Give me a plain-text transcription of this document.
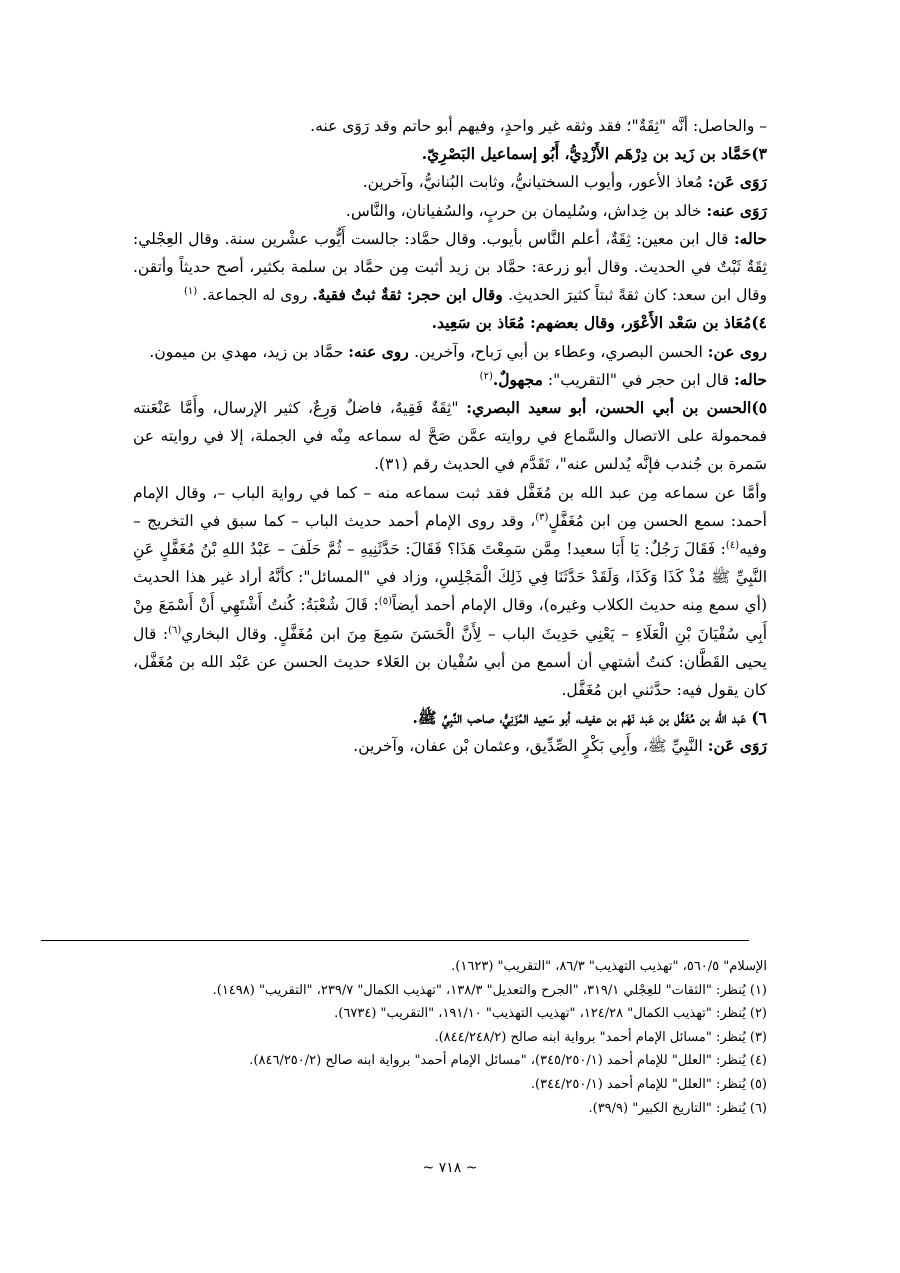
– والحاصل: أنَّه "ثِقَةٌ"؛ فقد وثقه غير واحدٍ، وفيهم أبو حاتم وقد رَوَى عنه.

٣)حَمَّاد بن زَيد بن دِرْهَم الأَزْدِيُّ، أَبُو إسماعيل البَصْرِيّ.

رَوَى عَن: مُعاذ الأعور، وأيوب السختيانيُّ، وثابت البُنانيُّ، وآخرين.

رَوَى عنه: خالد بن خِداش، وسُليمان بن حربٍ، والسُفيانان، والنَّاس.

حاله: قال ابن معين: ثِقَةٌ، أعلم النَّاس بأيوب. وقال حمَّاد: جالست أَيُّوب عشْرين سنة. وقال العِجْلي: ثِقَةٌ ثَبْتٌ في الحديث. وقال أبو زرعة: حمَّاد بن زيد أثبت مِن حمَّاد بن سلمة بكثير، أصح حديثاً وأتقن. وقال ابن سعد: كان ثقةً ثبتاً كثيرَ الحديثِ. وقال ابن حجر: ثقةٌ ثبتٌ فقيهٌ. روى له الجماعة. $^{(١)}$

٤)مُعَاذ بن سَعْد الأَعْوَر، وقال بعضهم: مُعَاذ بن سَعِيد.

روى عن: الحسن البصري، وعطاء بن أبي رَباح، وآخرين. روى عنه: حمَّاد بن زيد، مهدي بن ميمون.

حاله: قال ابن حجر في "التقريب": مجهولٌ.$^{(٢)}$

٥)الحسن بن أبي الحسن، أبو سعيد البصري: "ثِقَةٌ فَقِيهٌ، فاضلٌ وَرِعٌ، كثير الإرسال، وأَمَّا عَنْعَنته فمحمولة على الاتصال والسَّماع في روايته عمَّن صَحَّ له سماعه مِنْه في الجملة، إلا في روايته عن سَمرة بن جُندب فإنَّه يُدلس عنه"، تَقَدَّم في الحديث رقم (٣١).

وأمَّا عن سماعه مِن عبد الله بن مُغَفَّل فقد ثبت سماعه منه – كما في رواية الباب –، وقال الإمام أحمد: سمع الحسن مِن ابن مُغَفَّلٍ$^{(٣)}$، وقد روى الإمام أحمد حديث الباب – كما سبق في التخريج – وفيه$^{(٤)}$: فَقَالَ رَجُلٌ: يَا أَبَا سعيد! مِمَّن سَمِعْتَ هَذَا؟ فَقَالَ: حَدَّثَنِيهِ – ثُمَّ حَلَفَ – عَبْدُ اللهِ بْنُ مُغَفَّلٍ عَنِ النَّبِيِّ ﷺ مُذْ كَذَا وَكَذَا، وَلَقَدْ حَدَّثَنَا فِي ذَلِكَ الْمَجْلِسِ، وزاد في "المسائل": كأنَّهُ أراد غير هذا الحديث (أي سمع مِنه حديث الكلاب وغيره)، وقال الإمام أحمد أيضاً$^{(٥)}$: قَالَ شُعْبَةُ: كُنتُ أَشْتَهِي أَنْ أَسْمَعَ مِنْ أَبِي سُفْيَانَ بْنِ الْعَلَاءِ – يَعْنِي حَدِيثَ الباب – لِأَنَّ الْحَسَنَ سَمِعَ مِنَ ابن مُغَفَّلٍ. وقال البخاري$^{(٦)}$: قال يحيى القَطَّان: كنتُ أشتهي أن أسمع من أبي سُفْيان بن العَلاء حديث الحسن عن عَبْد الله بن مُغَفَّل، كان يقول فيه: حدَّثني ابن مُغَفَّل.

٦) عَبد الله بن مُغَفَّل بن عَبد نَهْم بن عفيف، أبو سَعِيد المُزَنِيُّ، صاحب النَّبِيِّ ﷺ.

رَوَى عَن: النَّبِيِّ ﷺ، وأَبِي بَكْرٍ الصِّدِّيق، وعثمان بْن عفان، وآخرين.

الإسلام" ٥٦٠/٥، "تهذيب التهذيب" ٨٦/٣، "التقريب" (١٦٢٣).

(١) يُنظر: "الثقات" للعِجْلي ٣١٩/١، "الجرح والتعديل" ١٣٨/٣، "تهذيب الكمال" ٢٣٩/٧، "التقريب" (١٤٩٨).

(٢) يُنظر: "تهذيب الكمال" ١٢٤/٢٨، "تهذيب التهذيب" ١٩١/١٠، "التقريب" (٦٧٣٤).

(٣) يُنظر: "مسائل الإمام أحمد" برواية ابنه صالح (٨٤٤/٢٤٨/٢).

(٤) يُنظر: "العلل" للإمام أحمد (٣٤٥/٢٥٠/١)، "مسائل الإمام أحمد" برواية ابنه صالح (٨٤٦/٢٥٠/٢).

(٥) يُنظر: "العلل" للإمام أحمد (٣٤٤/٢٥٠/١).

(٦) يُنظر: "التاريخ الكبير" (٣٩/٩).

~ ٧١٨ ~
